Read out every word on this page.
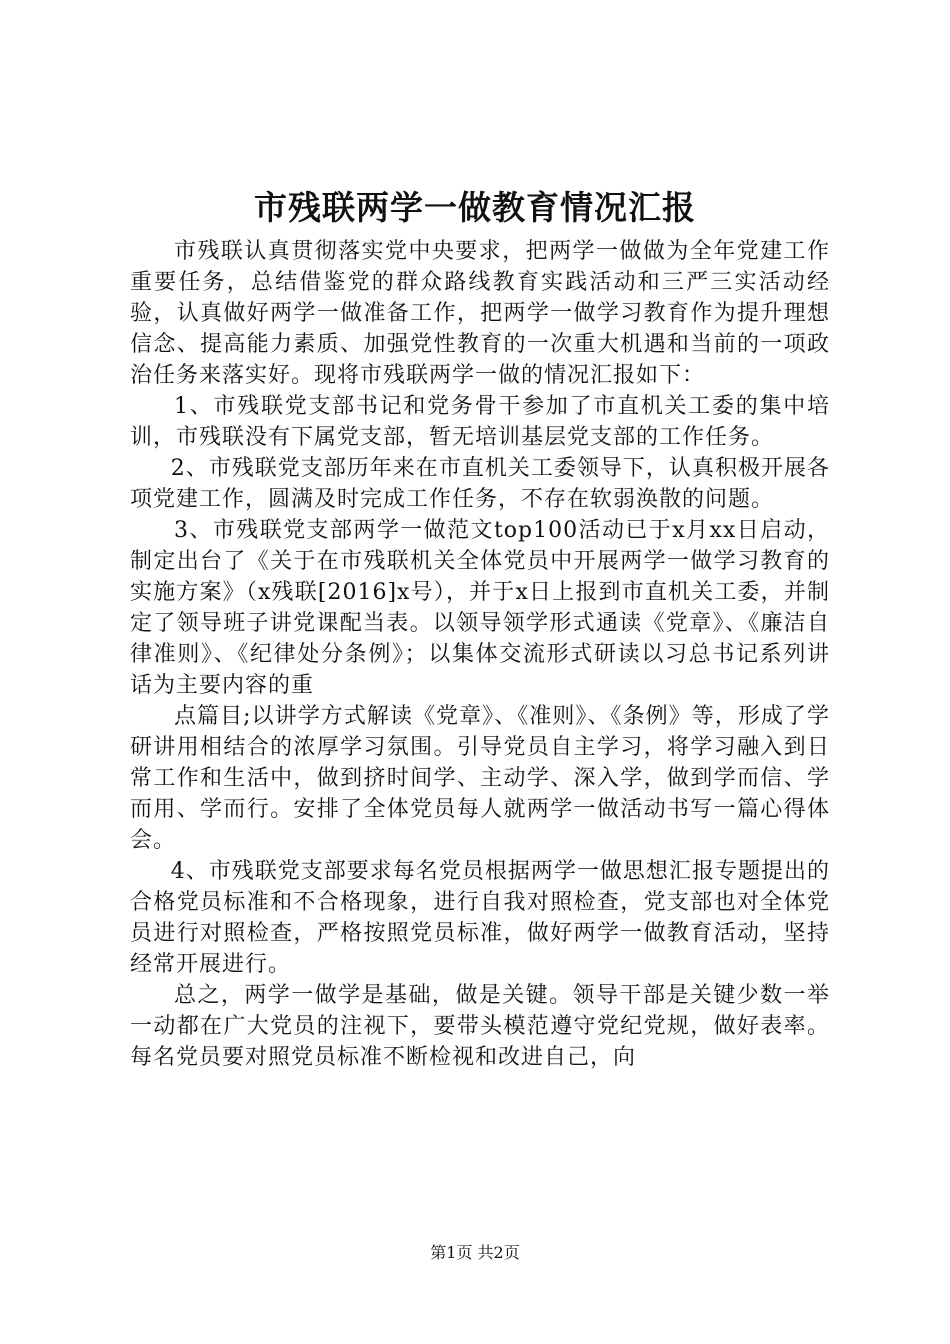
市残联两学一做教育情况汇报

市残联认真贯彻落实党中央要求，把两学一做做为全年党建工作重要任务，总结借鉴党的群众路线教育实践活动和三严三实活动经验，认真做好两学一做准备工作，把两学一做学习教育作为提升理想信念、提高能力素质、加强党性教育的一次重大机遇和当前的一项政治任务来落实好。现将市残联两学一做的情况汇报如下：

1、市残联党支部书记和党务骨干参加了市直机关工委的集中培训，市残联没有下属党支部，暂无培训基层党支部的工作任务。

2、市残联党支部历年来在市直机关工委领导下，认真积极开展各项党建工作，圆满及时完成工作任务，不存在软弱涣散的问题。

3、市残联党支部两学一做范文top100活动已于x月xx日启动，制定出台了《关于在市残联机关全体党员中开展两学一做学习教育的实施方案》（x残联[2016]x号），并于x日上报到市直机关工委，并制定了领导班子讲党课配当表。以领导领学形式通读《党章》、《廉洁自律准则》、《纪律处分条例》；以集体交流形式研读以习总书记系列讲话为主要内容的重

点篇目;以讲学方式解读《党章》、《准则》、《条例》等，形成了学研讲用相结合的浓厚学习氛围。引导党员自主学习，将学习融入到日常工作和生活中，做到挤时间学、主动学、深入学，做到学而信、学而用、学而行。安排了全体党员每人就两学一做活动书写一篇心得体会。

4、市残联党支部要求每名党员根据两学一做思想汇报专题提出的合格党员标准和不合格现象，进行自我对照检查，党支部也对全体党员进行对照检查，严格按照党员标准，做好两学一做教育活动，坚持经常开展进行。

总之，两学一做学是基础，做是关键。领导干部是关键少数一举一动都在广大党员的注视下，要带头模范遵守党纪党规，做好表率。每名党员要对照党员标准不断检视和改进自己，向

第1页 共2页
